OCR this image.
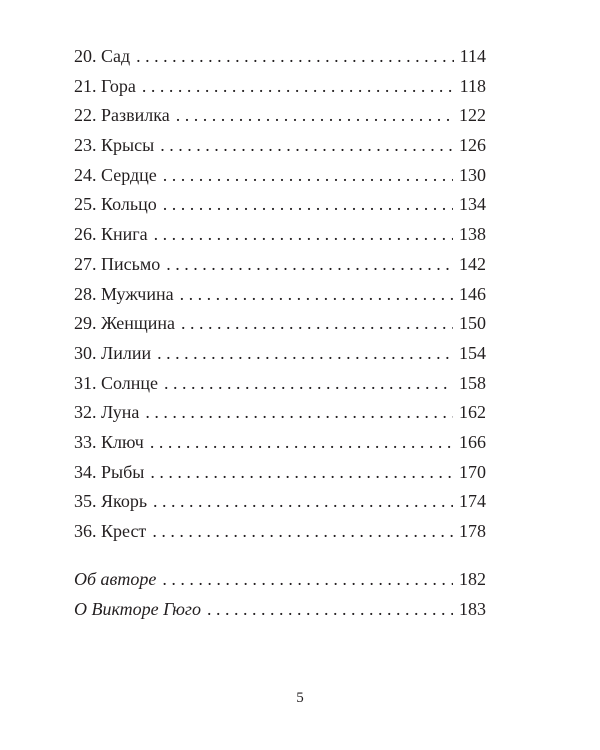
20. Сад . . .	114
21. Гора . . .	118
22. Развилка . . .	122
23. Крысы . . .	126
24. Сердце . . .	130
25. Кольцо . . .	134
26. Книга . . .	138
27. Письмо . . .	142
28. Мужчина . . .	146
29. Женщина . . .	150
30. Лилии . . .	154
31. Солнце . . .	158
32. Луна . . .	162
33. Ключ . . .	166
34. Рыбы . . .	170
35. Якорь . . .	174
36. Крест . . .	178
Об авторе . . .	182
О Викторе Гюго . . .	183
5
